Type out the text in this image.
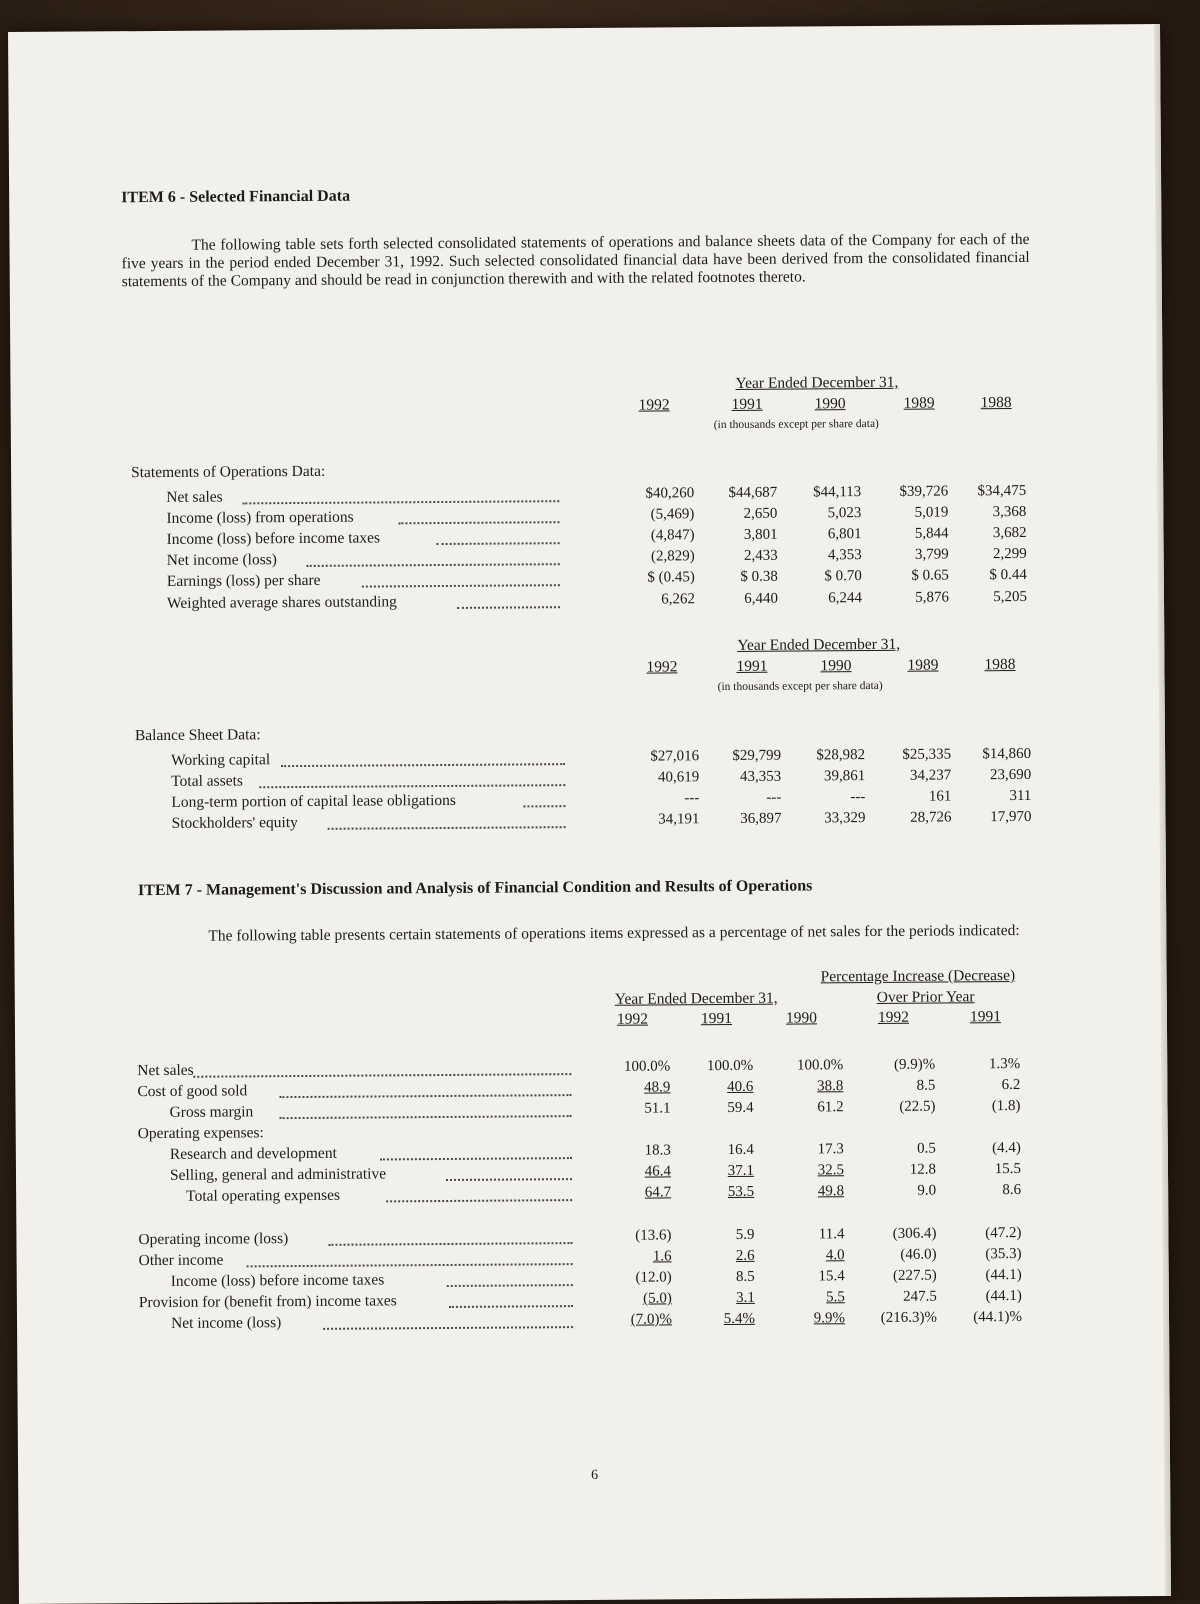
ITEM 6 - Selected Financial Data
The following table sets forth selected consolidated statements of operations and balance sheets data of the Company for each of the five years in the period ended December 31, 1992. Such selected consolidated financial data have been derived from the consolidated financial statements of the Company and should be read in conjunction therewith and with the related footnotes thereto.
Year Ended December 31,
1992	1991	1990	1989	1988
(in thousands except per share data)
Statements of Operations Data:
Net sales	$40,260 $44,687 $44,113	$39,726 $34,475
Income (loss) from operations	(5,469)	2,650	5,023	5,019	3,368
Income (loss) before income taxes	(4,847)	3,801	6,801	5,844	3,682
Net income (loss)	(2,829)	2,433	4,353	3,799	2,299
Earnings (loss) per share	$ (0.45)	$ 0.38	$ 0.70	$ 0.65	$ 0.44
Weighted average shares outstanding	6,262	6,440	6,244	5,876	5,205
Year Ended December 31,
1992	1991	1990	1989	1988
(in thousands except per share data)
Balance Sheet Data:
Working capital	$27,016 $29,799 $28,982 $25,335 $14,860
Total assets	40,619	43,353	39,861	34,237	23,690
Long-term portion of capital lease obligations	---	---	---	161	311
Stockholders' equity	34,191	36,897	33,329	28,726	17,970
ITEM 7 - Management's Discussion and Analysis of Financial Condition and Results of Operations
The following table presents certain statements of operations items expressed as a percentage of net sales for the periods indicated:
Percentage Increase (Decrease)
Year Ended December 31,	Over Prior Year
1992	1991	1990	1992	1991
Net sales	100.0% 100.0%	100.0%	(9.9)%	1.3%
Cost of good sold	48.9	40.6	38.8	8.5	6.2
Gross margin	51.1	59.4	61.2	(22.5)	(1.8)
Operating expenses:
Research and development	18.3	16.4	17.3	0.5	(4.4)
Selling, general and administrative	46.4	37.1	32.5	12.8	15.5
Total operating expenses	64.7	53.5	49.8	9.0	8.6
Operating income (loss)	(13.6)	5.9	11.4	(306.4)	(47.2)
Other income	1.6	2.6	4.0	(46.0)	(35.3)
Income (loss) before income taxes	(12.0)	8.5	15.4	(227.5)	(44.1)
Provision for (benefit from) income taxes	(5.0)	3.1	5.5	247.5	(44.1)
Net income (loss)	(7.0)%	5.4%	9.9% (216.3)% (44.1)%
6
